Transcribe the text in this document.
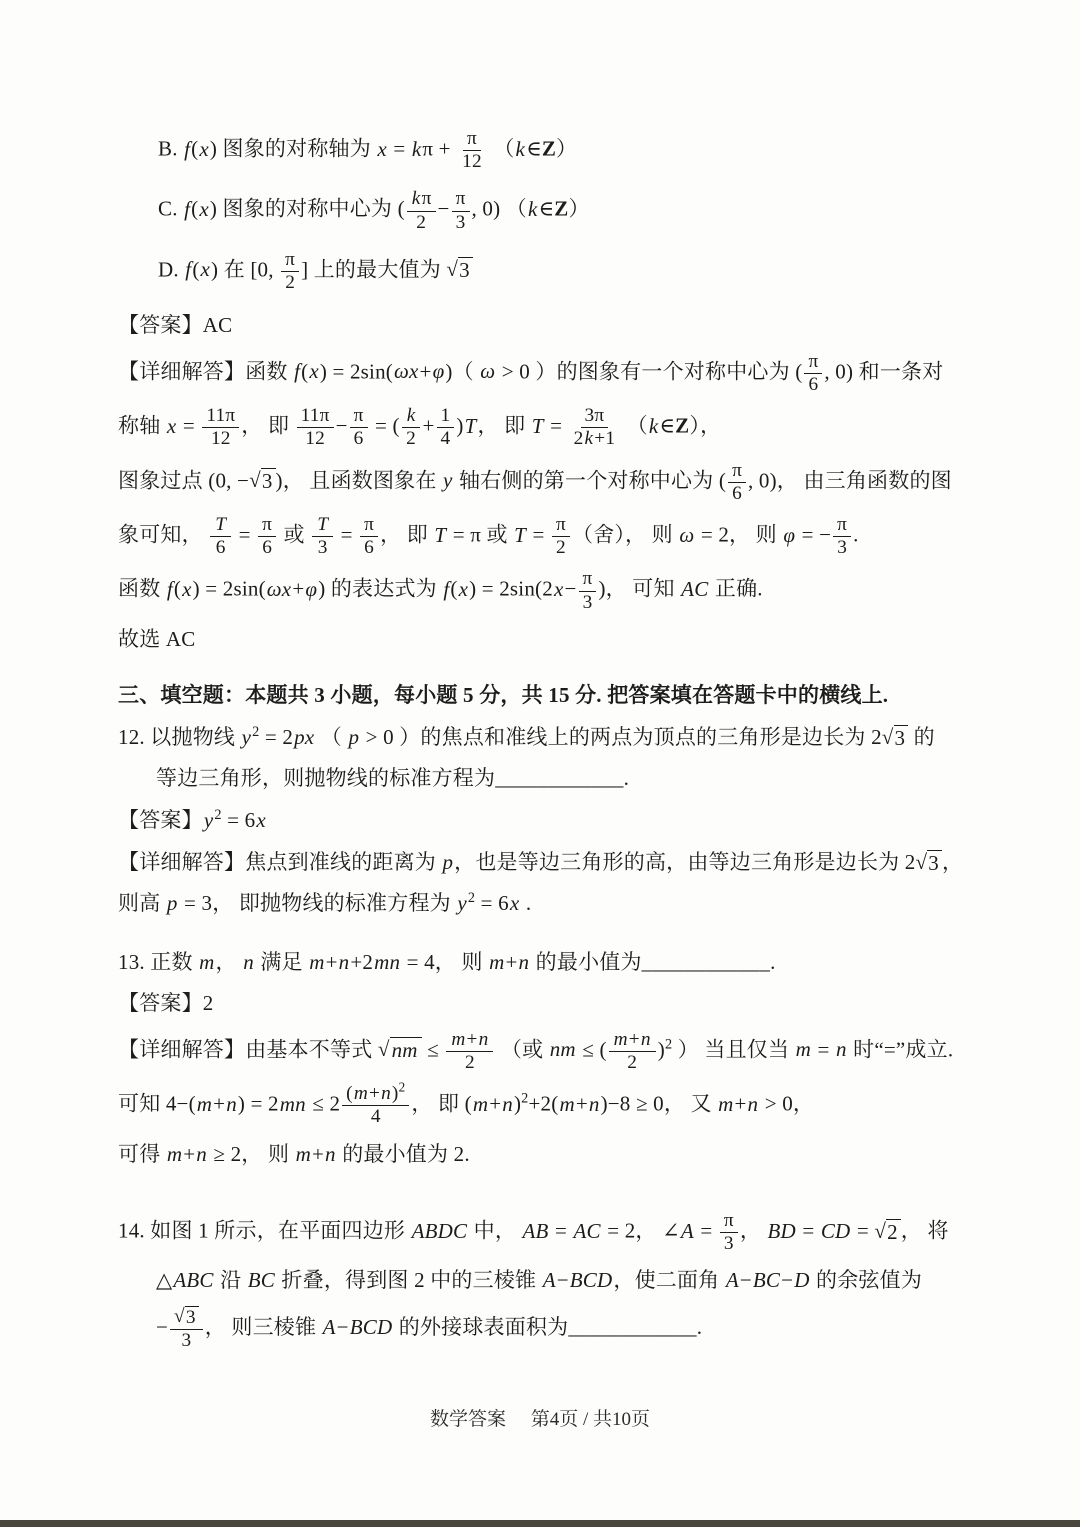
B. f(x) 图象的对称轴为 $x = k\pi + \frac{\pi}{12}$ （k∈Z）
C. f(x) 图象的对称中心为 ( $\frac{k\pi}{2} - \frac{\pi}{3}$ , 0) （k∈Z）
D. f(x) 在 [0, $\frac{\pi}{2}$ ] 上的最大值为 √ 3
【答案】AC
【详细解答】函数 f(x) = 2sin(ωx+φ)（ ω > 0 ）的图象有一个对称中心为 ( $\frac{\pi}{6}$ , 0) 和一条对
称轴 $x = \frac{11\pi}{12}$ ， 即 $\frac{11\pi}{12} - \frac{\pi}{6}$ = ( $\frac{k}{2} + \frac{1}{4} )T$， 即 $T = \frac{3\pi}{2k+1}$ （k∈Z），
图象过点 (0, − √ 3 )， 且函数图象在 y 轴右侧的第一个对称中心为 ( $\frac{\pi}{6}$ , 0)， 由三角函数的图
象可知， $\frac{T}{6} = \frac{\pi}{6}$ 或 $\frac{T}{3} = \frac{\pi}{6}$ ， 即 T = π 或 $T = \frac{\pi}{2}$ （舍）， 则 ω = 2， 则 φ = − $\frac{\pi}{3}$ .
函数 f(x) = 2sin(ωx+φ) 的表达式为 $f(x) = 2\sin(2x- \frac{\pi}{3}$ )， 可知 AC 正确.
故选 AC
三、填空题：本题共 3 小题，每小题 5 分，共 15 分. 把答案填在答题卡中的横线上.
12. 以抛物线 $y^2 = 2px$ （ p > 0 ）的焦点和准线上的两点为顶点的三角形是边长为 2 √ 3 的
等边三角形，则抛物线的标准方程为____________.
【答案】$y^2 = 6x$
【详细解答】焦点到准线的距离为 p，也是等边三角形的高，由等边三角形是边长为 2 √ 3 ，
则高 p = 3， 即抛物线的标准方程为 $y^2 = 6x$ .
13. 正数 m， n 满足 m+n+2mn = 4， 则 m+n 的最小值为____________.
【答案】2
【详细解答】由基本不等式 √ nm ≤ $\frac{m+n}{2}$ （或 nm ≤ ( $\frac{m+n}{2} )^2$ ） 当且仅当 m = n 时“=”成立.
可知 $4-(m+n) = 2mn \le 2 \frac{(m+n)^2}{4}$ ， 即 $(m+n)^2+2(m+n)-8 \ge 0$， 又 m+n > 0，
可得 m+n ≥ 2， 则 m+n 的最小值为 2.
14. 如图 1 所示，在平面四边形 ABDC 中， AB = AC = 2， ∠A = $\frac{\pi}{3}$ ， BD = CD = √ 2 ， 将
△ABC 沿 BC 折叠，得到图 2 中的三棱锥 A−BCD，使二面角 A−BC−D 的余弦值为
− $\frac{√ 3}{3}$ ， 则三棱锥 A−BCD 的外接球表面积为____________.
数学答案 第4页 / 共10页
